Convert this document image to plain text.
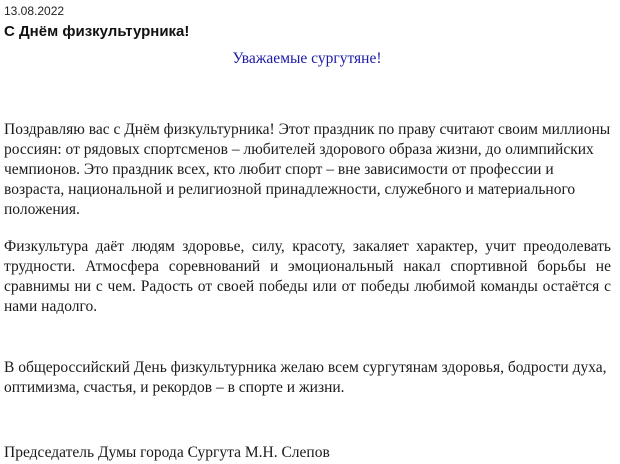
13.08.2022
С Днём физкультурника!

Уважаемые сургутяне!

Поздравляю вас с Днём физкультурника! Этот праздник по праву считают своим миллионы россиян: от рядовых спортсменов – любителей здорового образа жизни, до олимпийских чемпионов. Это праздник всех, кто любит спорт – вне зависимости от профессии и возраста, национальной и религиозной принадлежности, служебного и материального положения.

Физкультура даёт людям здоровье, силу, красоту, закаляет характер, учит преодолевать трудности. Атмосфера соревнований и эмоциональный накал спортивной борьбы не сравнимы ни с чем. Радость от своей победы или от победы любимой команды остаётся с нами надолго.

В общероссийский День физкультурника желаю всем сургутянам здоровья, бодрости духа, оптимизма, счастья, и рекордов – в спорте и жизни.

Председатель Думы города Сургута М.Н. Слепов
